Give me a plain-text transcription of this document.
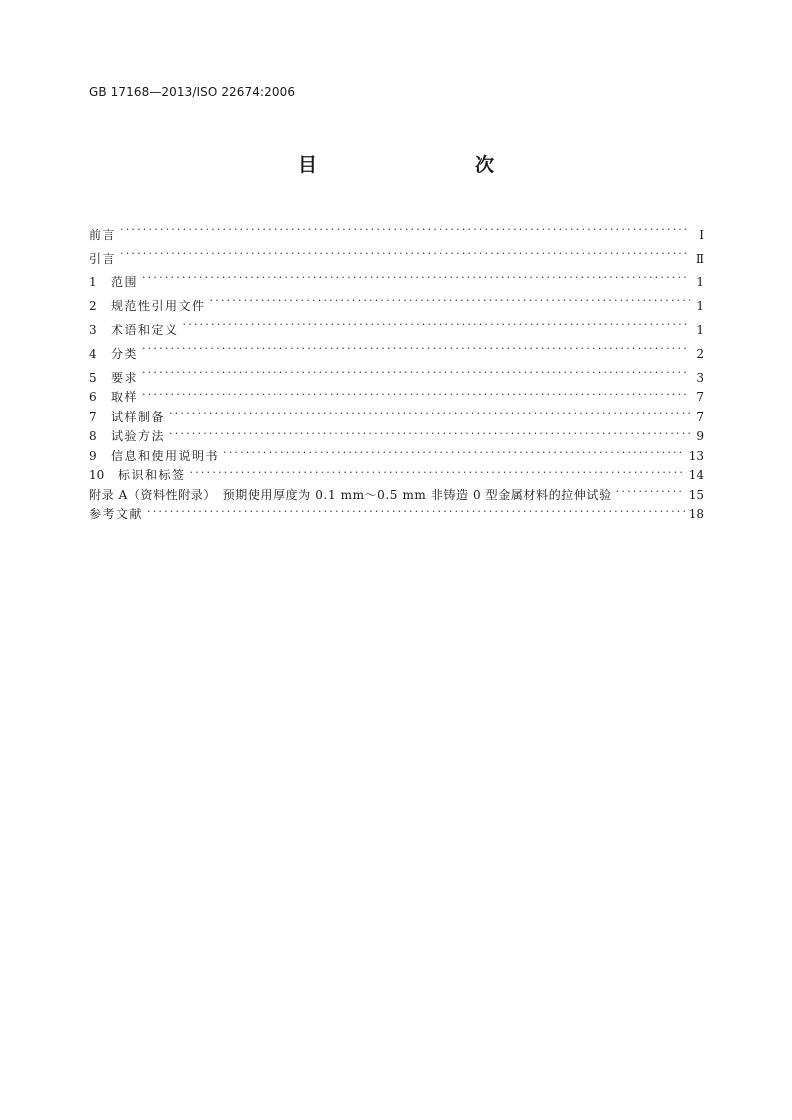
GB 17168—2013/ISO 22674:2006
目　　次
前言 .....	Ⅰ
引言 .....	Ⅱ
1	范围 .....	1
2	规范性引用文件 .....	1
3	术语和定义 .....	1
4	分类 .....	2
5	要求 .....	3
6	取样 .....	7
7	试样制备 .....	7
8	试验方法 .....	9
9	信息和使用说明书 .....	13
10	标识和标签 .....	14
附录 A（资料性附录）　预期使用厚度为 0.1 mm～0.5 mm 非铸造 0 型金属材料的拉伸试验 .....	15
参考文献 .....	18
